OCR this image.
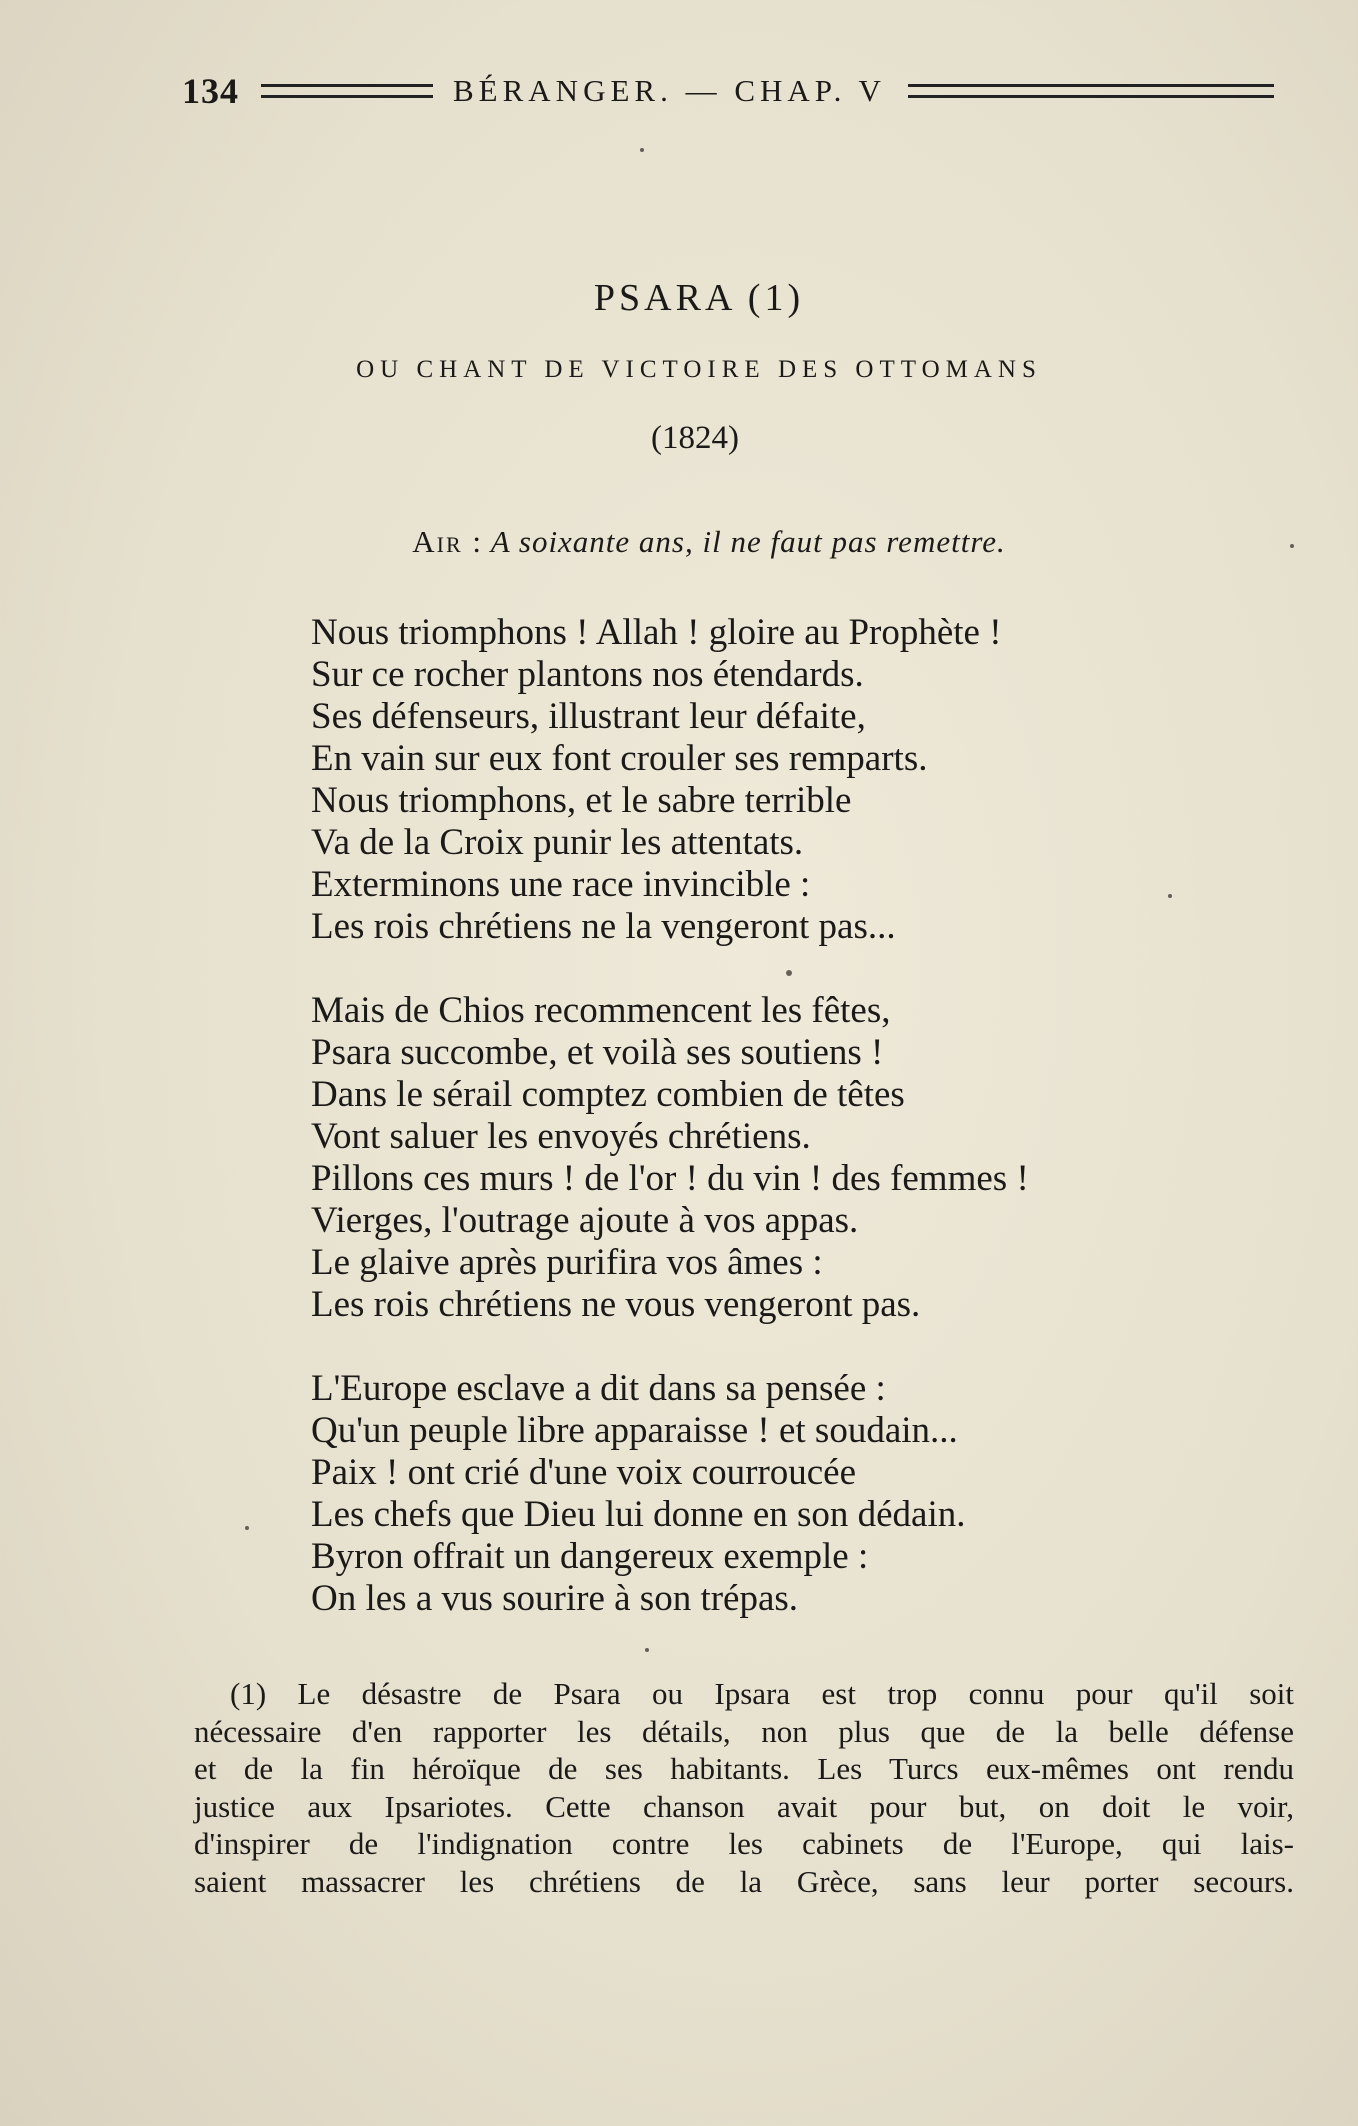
134	BÉRANGER. — CHAP. V
PSARA (1)
OU CHANT DE VICTOIRE DES OTTOMANS
(1824)
Air : A soixante ans, il ne faut pas remettre.
Nous triomphons ! Allah ! gloire au Prophète !
Sur ce rocher plantons nos étendards.
Ses défenseurs, illustrant leur défaite,
En vain sur eux font crouler ses remparts.
Nous triomphons, et le sabre terrible
Va de la Croix punir les attentats.
Exterminons une race invincible :
Les rois chrétiens ne la vengeront pas...
Mais de Chios recommencent les fêtes,
Psara succombe, et voilà ses soutiens !
Dans le sérail comptez combien de têtes
Vont saluer les envoyés chrétiens.
Pillons ces murs ! de l'or ! du vin ! des femmes !
Vierges, l'outrage ajoute à vos appas.
Le glaive après purifira vos âmes :
Les rois chrétiens ne vous vengeront pas.
L'Europe esclave a dit dans sa pensée :
Qu'un peuple libre apparaisse ! et soudain...
Paix ! ont crié d'une voix courroucée
Les chefs que Dieu lui donne en son dédain.
Byron offrait un dangereux exemple :
On les a vus sourire à son trépas.
(1) Le désastre de Psara ou Ipsara est trop connu pour qu'il soit
nécessaire d'en rapporter les détails, non plus que de la belle défense
et de la fin héroïque de ses habitants. Les Turcs eux-mêmes ont rendu
justice aux Ipsariotes. Cette chanson avait pour but, on doit le voir,
d'inspirer de l'indignation contre les cabinets de l'Europe, qui lais-
saient massacrer les chrétiens de la Grèce, sans leur porter secours.
